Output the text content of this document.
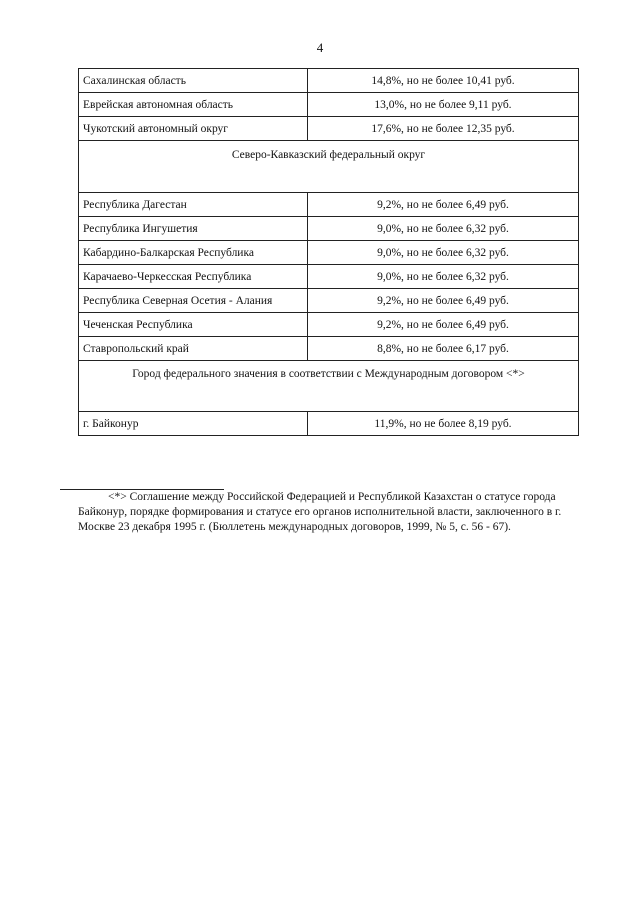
4
Сахалинская область	14,8%, но не более 10,41 руб.
Еврейская автономная область	13,0%, но не более 9,11 руб.
Чукотский автономный округ	17,6%, но не более 12,35 руб.
Северо-Кавказский федеральный округ	
Республика Дагестан	9,2%, но не более 6,49 руб.
Республика Ингушетия	9,0%, но не более 6,32 руб.
Кабардино-Балкарская Республика	9,0%, но не более 6,32 руб.
Карачаево-Черкесская Республика	9,0%, но не более 6,32 руб.
Республика Северная Осетия - Алания	9,2%, но не более 6,49 руб.
Чеченская Республика	9,2%, но не более 6,49 руб.
Ставропольский край	8,8%, но не более 6,17 руб.
Город федерального значения в соответствии с Международным договором <*>	
г. Байконур	11,9%, но не более 8,19 руб.
<*> Соглашение между Российской Федерацией и Республикой Казахстан о статусе города Байконур, порядке формирования и статусе его органов исполнительной власти, заключенного в г. Москве 23 декабря 1995 г. (Бюллетень международных договоров, 1999, № 5, с. 56 - 67).
